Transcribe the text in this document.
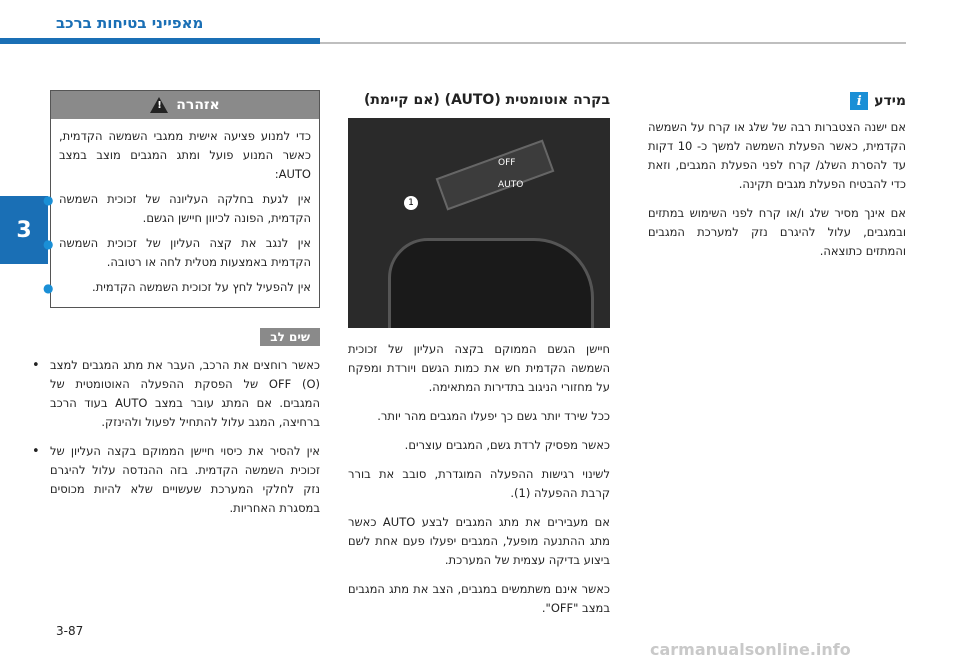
מאפייני בטיחות ברכב
3
מידע
i

אם ישנה הצטברות רבה של שלג או קרח על השמשה הקדמית, כאשר הפעלת השמשה למשך כ- 10 דקות עד להסרת השלג/ קרח לפני הפעלת המגבים, וזאת כדי להבטיח הפעלת מגבים תקינה.

אם אינך מסיר שלג ו/או קרח לפני השימוש במתזים ובמגבים, עלול להיגרם נזק למערכת המגבים והמתזים כתוצאה.

בקרה אוטומטית (AUTO) (אם קיימת)
OFF
AUTO
1

חיישן הגשם הממוקם בקצה העליון של זכוכית השמשה הקדמית חש את כמות הגשם ויורדת ומפקח על מחזורי הניגוב בתדירות המתאימה.

ככל שירד יותר גשם כך יפעלו המגבים מהר יותר.

כאשר מפסיק לרדת גשם, המגבים עוצרים.

לשינוי רגישות ההפעלה המוגדרת, סובב את בורר קרבת ההפעלה (1).

אם מעבירים את מתג המגבים לבצע AUTO כאשר מתג ההתנעה מופעל, המגבים יפעלו פעם אחת לשם ביצוע בדיקה עצמית של המערכת.

כאשר אינם משתמשים במגבים, הצב את מתג המגבים במצב "OFF".

אזהרה
!

כדי למנוע פציעה אישית ממגבי השמשה הקדמית, כאשר המנוע פועל ומתג המגבים מוצב במצב AUTO:

● אין לגעת בחלקה העליונה של זכוכית השמשה הקדמית, הפונה לכיוון חיישן הגשם.

● אין לנגב את קצה העליון של זכוכית השמשה הקדמית באמצעות מטלית לחה או רטובה.

●	אין להפעיל לחץ על זכוכית השמשה הקדמית.

שים לב

• כאשר רוחצים את הרכב, העבר את מתג המגבים למצב OFF (O) של הפסקת ההפעלה האוטומטית של המגבים. אם המתג עובר במצב AUTO בעוד הרכב ברחיצה, המגב עלול להתחיל לפעול ולהינזק.

• אין להסיר את כיסוי חיישן הממוקם בקצה העליון של זכוכית השמשה הקדמית. בזה ההנדסה עלול להיגרם נזק לחלקי המערכת שעשויים שלא להיות מכוסים במסגרת האחריות.

3-87
carmanualsonline.info
